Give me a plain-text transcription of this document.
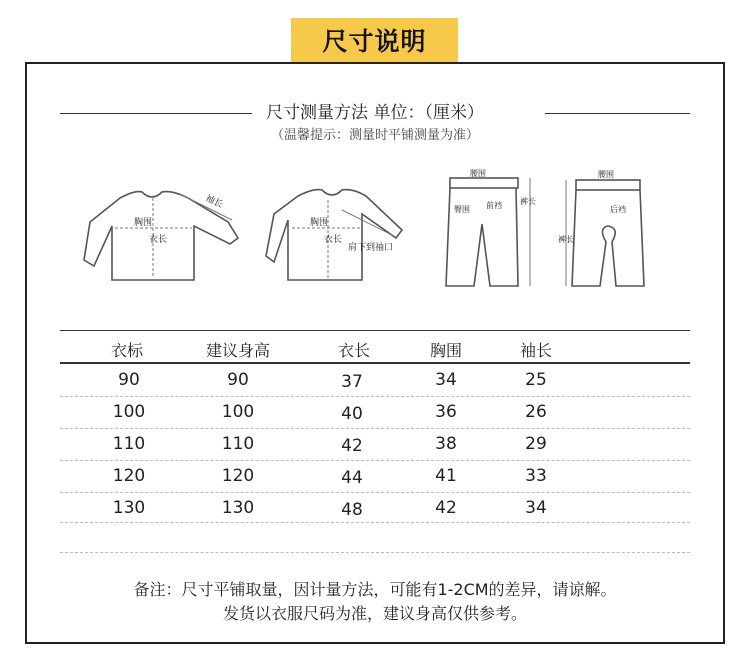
尺寸说明
尺寸测量方法 单位：（厘米）
（温馨提示：测量时平铺测量为准）
胸围
衣长
袖长
胸围
衣长
肩下到袖口
腰围
臀围 前裆 裤长
腰围
后裆
裤长
衣标	建议身高	衣长	胸围	袖长
90	90	37	34	25
100	100	40	36	26
110	110	42	38	29
120	120	44	41	33
130	130	48	42	34
备注：尺寸平铺取量，因计量方法，可能有1-2CM的差异，请谅解。
发货以衣服尺码为准，建议身高仅供参考。
